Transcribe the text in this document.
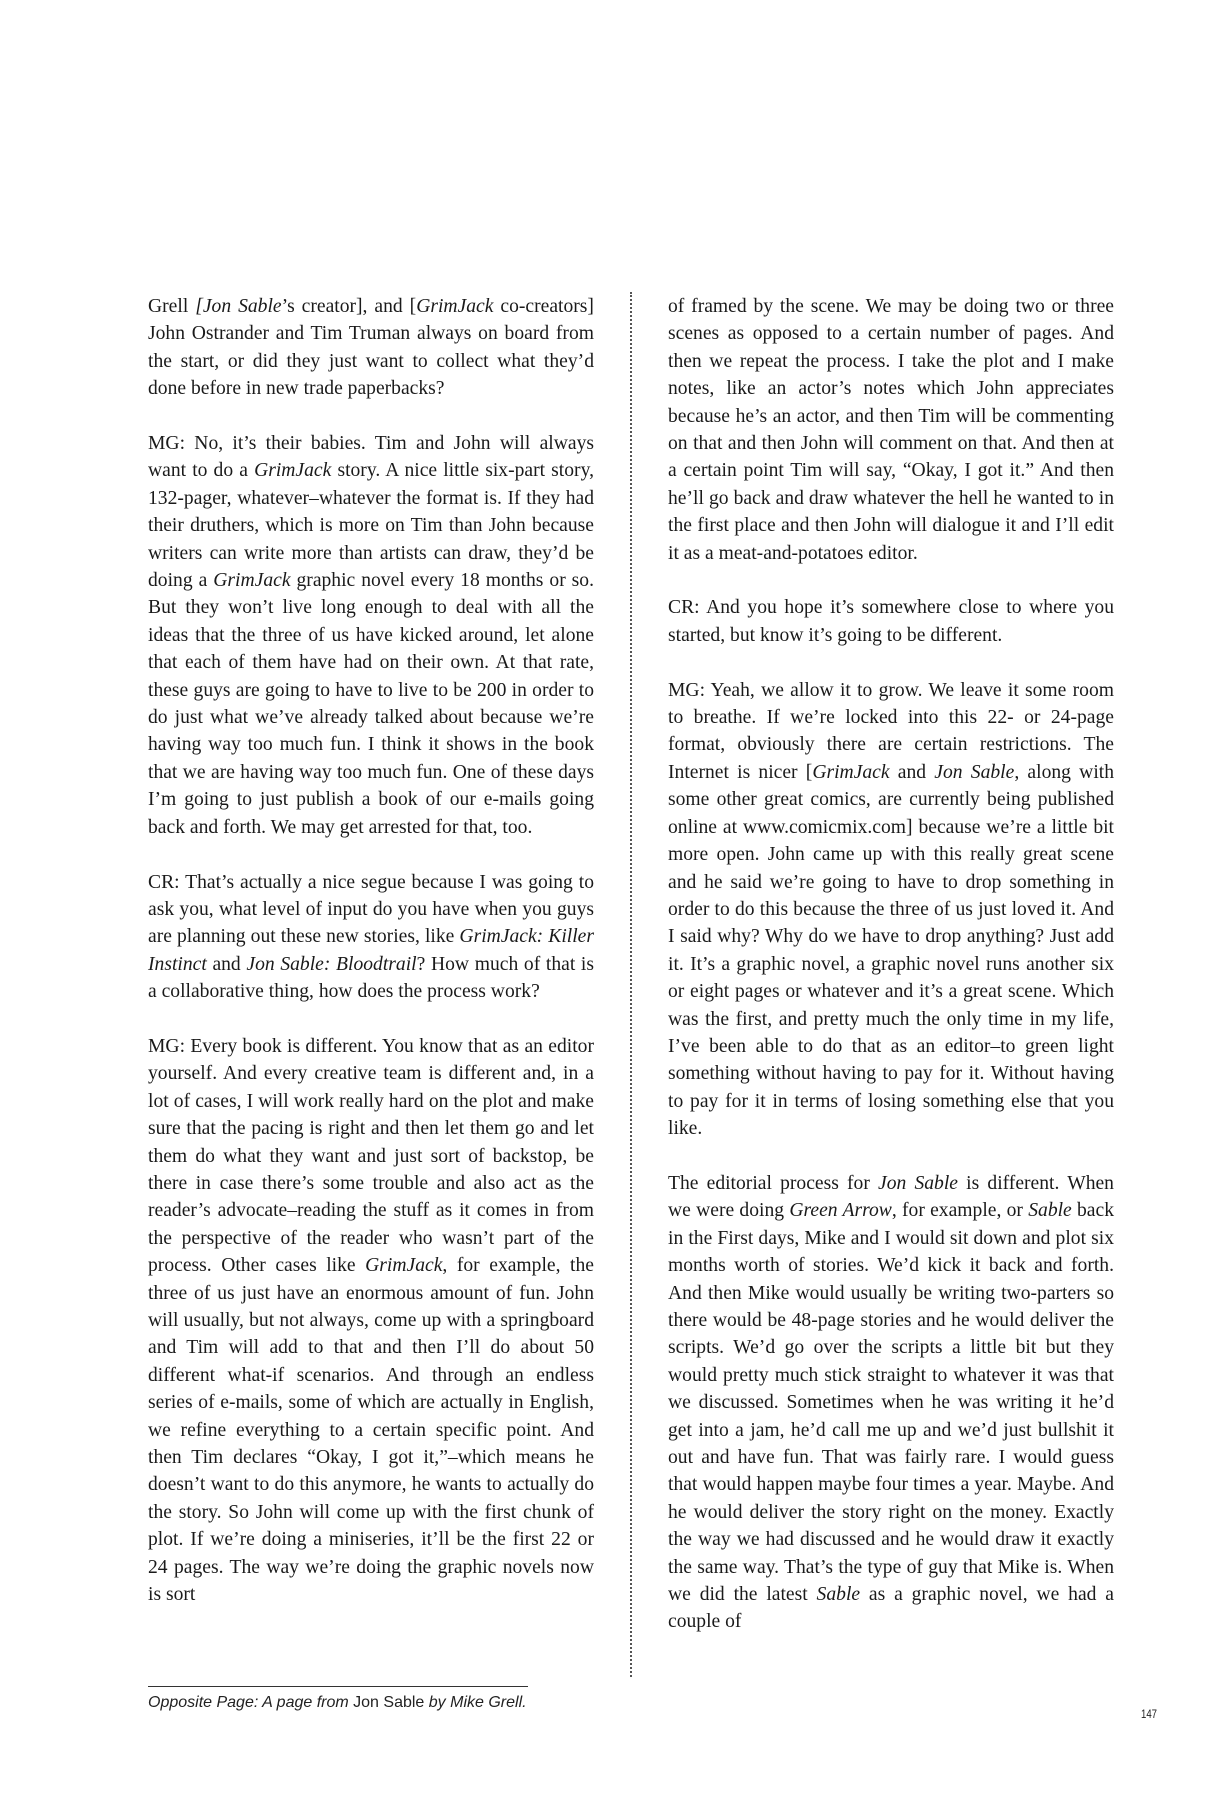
Grell [Jon Sable’s creator], and [GrimJack co-creators] John Ostrander and Tim Truman always on board from the start, or did they just want to collect what they’d done before in new trade paperbacks?

MG: No, it’s their babies. Tim and John will always want to do a GrimJack story. A nice little six-part story, 132-pager, whatever–whatever the format is. If they had their druthers, which is more on Tim than John because writers can write more than artists can draw, they’d be doing a GrimJack graphic novel every 18 months or so. But they won’t live long enough to deal with all the ideas that the three of us have kicked around, let alone that each of them have had on their own. At that rate, these guys are going to have to live to be 200 in order to do just what we’ve already talked about because we’re having way too much fun. I think it shows in the book that we are having way too much fun. One of these days I’m going to just publish a book of our e-mails going back and forth. We may get arrested for that, too.

CR: That’s actually a nice segue because I was going to ask you, what level of input do you have when you guys are planning out these new stories, like GrimJack: Killer Instinct and Jon Sable: Bloodtrail? How much of that is a collaborative thing, how does the process work?

MG: Every book is different. You know that as an editor yourself. And every creative team is different and, in a lot of cases, I will work really hard on the plot and make sure that the pacing is right and then let them go and let them do what they want and just sort of backstop, be there in case there’s some trouble and also act as the reader’s advocate–reading the stuff as it comes in from the perspective of the reader who wasn’t part of the process. Other cases like GrimJack, for example, the three of us just have an enormous amount of fun. John will usually, but not always, come up with a springboard and Tim will add to that and then I’ll do about 50 different what-if scenarios. And through an endless series of e-mails, some of which are actually in English, we refine everything to a certain specific point. And then Tim declares “Okay, I got it,”–which means he doesn’t want to do this anymore, he wants to actually do the story. So John will come up with the first chunk of plot. If we’re doing a miniseries, it’ll be the first 22 or 24 pages. The way we’re doing the graphic novels now is sort

of framed by the scene. We may be doing two or three scenes as opposed to a certain number of pages. And then we repeat the process. I take the plot and I make notes, like an actor’s notes which John appreciates because he’s an actor, and then Tim will be commenting on that and then John will comment on that. And then at a certain point Tim will say, “Okay, I got it.” And then he’ll go back and draw whatever the hell he wanted to in the first place and then John will dialogue it and I’ll edit it as a meat-and-potatoes editor.

CR: And you hope it’s somewhere close to where you started, but know it’s going to be different.

MG: Yeah, we allow it to grow. We leave it some room to breathe. If we’re locked into this 22- or 24-page format, obviously there are certain restrictions. The Internet is nicer [GrimJack and Jon Sable, along with some other great comics, are currently being published online at www.comicmix.com] because we’re a little bit more open. John came up with this really great scene and he said we’re going to have to drop something in order to do this because the three of us just loved it. And I said why? Why do we have to drop anything? Just add it. It’s a graphic novel, a graphic novel runs another six or eight pages or whatever and it’s a great scene. Which was the first, and pretty much the only time in my life, I’ve been able to do that as an editor–to green light something without having to pay for it. Without having to pay for it in terms of losing something else that you like.

The editorial process for Jon Sable is different. When we were doing Green Arrow, for example, or Sable back in the First days, Mike and I would sit down and plot six months worth of stories. We’d kick it back and forth. And then Mike would usually be writing two-parters so there would be 48-page stories and he would deliver the scripts. We’d go over the scripts a little bit but they would pretty much stick straight to whatever it was that we discussed. Sometimes when he was writing it he’d get into a jam, he’d call me up and we’d just bullshit it out and have fun. That was fairly rare. I would guess that would happen maybe four times a year. Maybe. And he would deliver the story right on the money. Exactly the way we had discussed and he would draw it exactly the same way. That’s the type of guy that Mike is. When we did the latest Sable as a graphic novel, we had a couple of

Opposite Page: A page from Jon Sable by Mike Grell.
147
